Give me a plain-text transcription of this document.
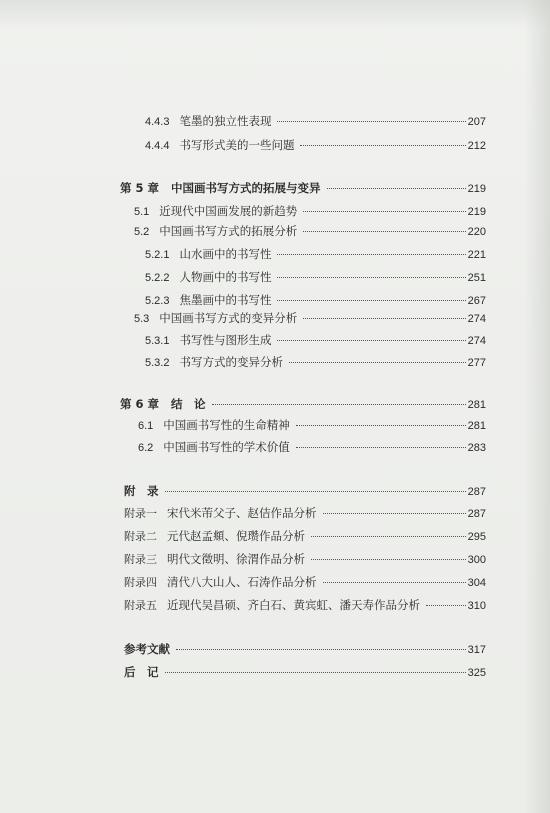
4.4.3 笔墨的独立性表现	207
4.4.4 书写形式美的一些问题	212
第 5 章 中国画书写方式的拓展与变异	219
5.1 近现代中国画发展的新趋势	219
5.2 中国画书写方式的拓展分析	220
5.2.1 山水画中的书写性	221
5.2.2 人物画中的书写性	251
5.2.3 焦墨画中的书写性	267
5.3 中国画书写方式的变异分析	274
5.3.1 书写性与图形生成	274
5.3.2 书写方式的变异分析	277
第 6 章 结　论	281
6.1 中国画书写性的生命精神	281
6.2 中国画书写性的学术价值	283
附　录	287
附录一 宋代米芾父子、赵佶作品分析	287
附录二 元代赵孟頫、倪瓒作品分析	295
附录三 明代文徵明、徐渭作品分析	300
附录四 清代八大山人、石涛作品分析	304
附录五 近现代吴昌硕、齐白石、黄宾虹、潘天寿作品分析	310
参考文献	317
后　记	325
